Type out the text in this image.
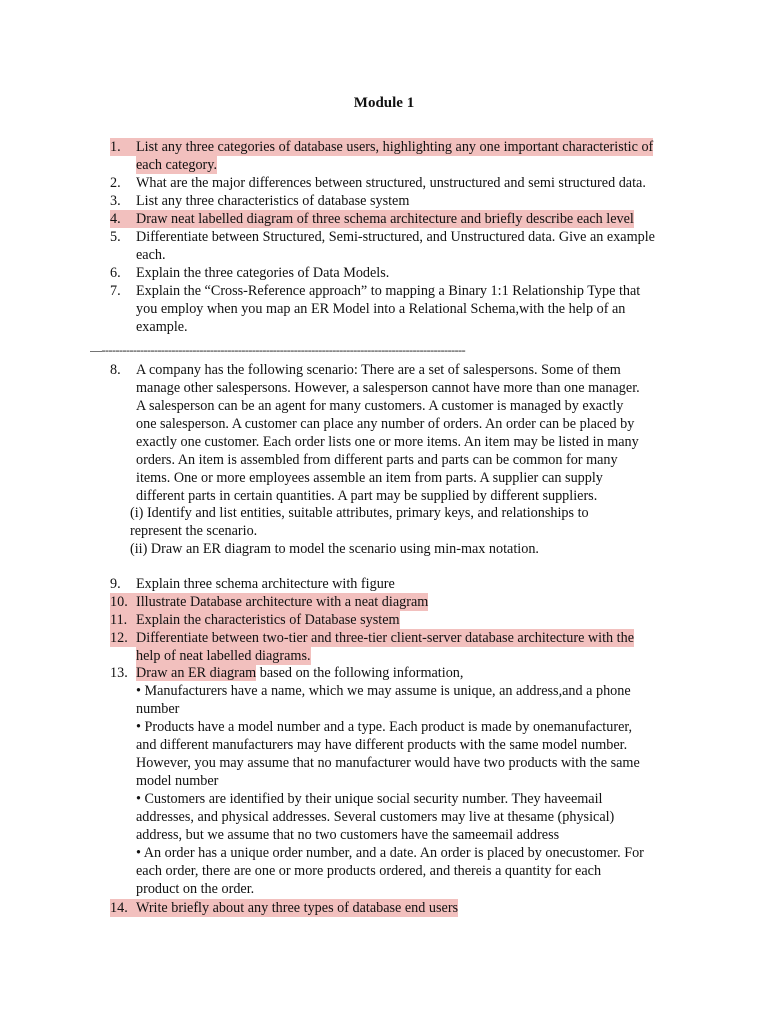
Module 1
1.	List any three categories of database users, highlighting any one important characteristic of
each category.
2.	What are the major differences between structured, unstructured and semi structured data.
3.	List any three characteristics of database system
4.	Draw neat labelled diagram of three schema architecture and briefly describe each level
5.	Differentiate between Structured, Semi-structured, and Unstructured data. Give an example
each.
6.	Explain the three categories of Data Models.
7.	Explain the “Cross-Reference approach” to mapping a Binary 1:1 Relationship Type that
you employ when you map an ER Model into a Relational Schema,with the help of an
example.
—--------------------------------------------------------------------------------------------------------
8.	A company has the following scenario: There are a set of salespersons. Some of them
manage other salespersons. However, a salesperson cannot have more than one manager.
A salesperson can be an agent for many customers. A customer is managed by exactly
one salesperson. A customer can place any number of orders. An order can be placed by
exactly one customer. Each order lists one or more items. An item may be listed in many
orders. An item is assembled from different parts and parts can be common for many
items. One or more employees assemble an item from parts. A supplier can supply
different parts in certain quantities. A part may be supplied by different suppliers.
(i) Identify and list entities, suitable attributes, primary keys, and relationships to
represent the scenario.
(ii) Draw an ER diagram to model the scenario using min-max notation.
9.	Explain three schema architecture with figure
10. Illustrate Database architecture with a neat diagram
11. Explain the characteristics of Database system
12. Differentiate between two-tier and three-tier client-server database architecture with the
help of neat labelled diagrams.
13. Draw an ER diagram based on the following information,
• Manufacturers have a name, which we may assume is unique, an address,and a phone
number
• Products have a model number and a type. Each product is made by onemanufacturer,
and different manufacturers may have different products with the same model number.
However, you may assume that no manufacturer would have two products with the same
model number
• Customers are identified by their unique social security number. They haveemail
addresses, and physical addresses. Several customers may live at thesame (physical)
address, but we assume that no two customers have the sameemail address
• An order has a unique order number, and a date. An order is placed by onecustomer. For
each order, there are one or more products ordered, and thereis a quantity for each
product on the order.
14. Write briefly about any three types of database end users
